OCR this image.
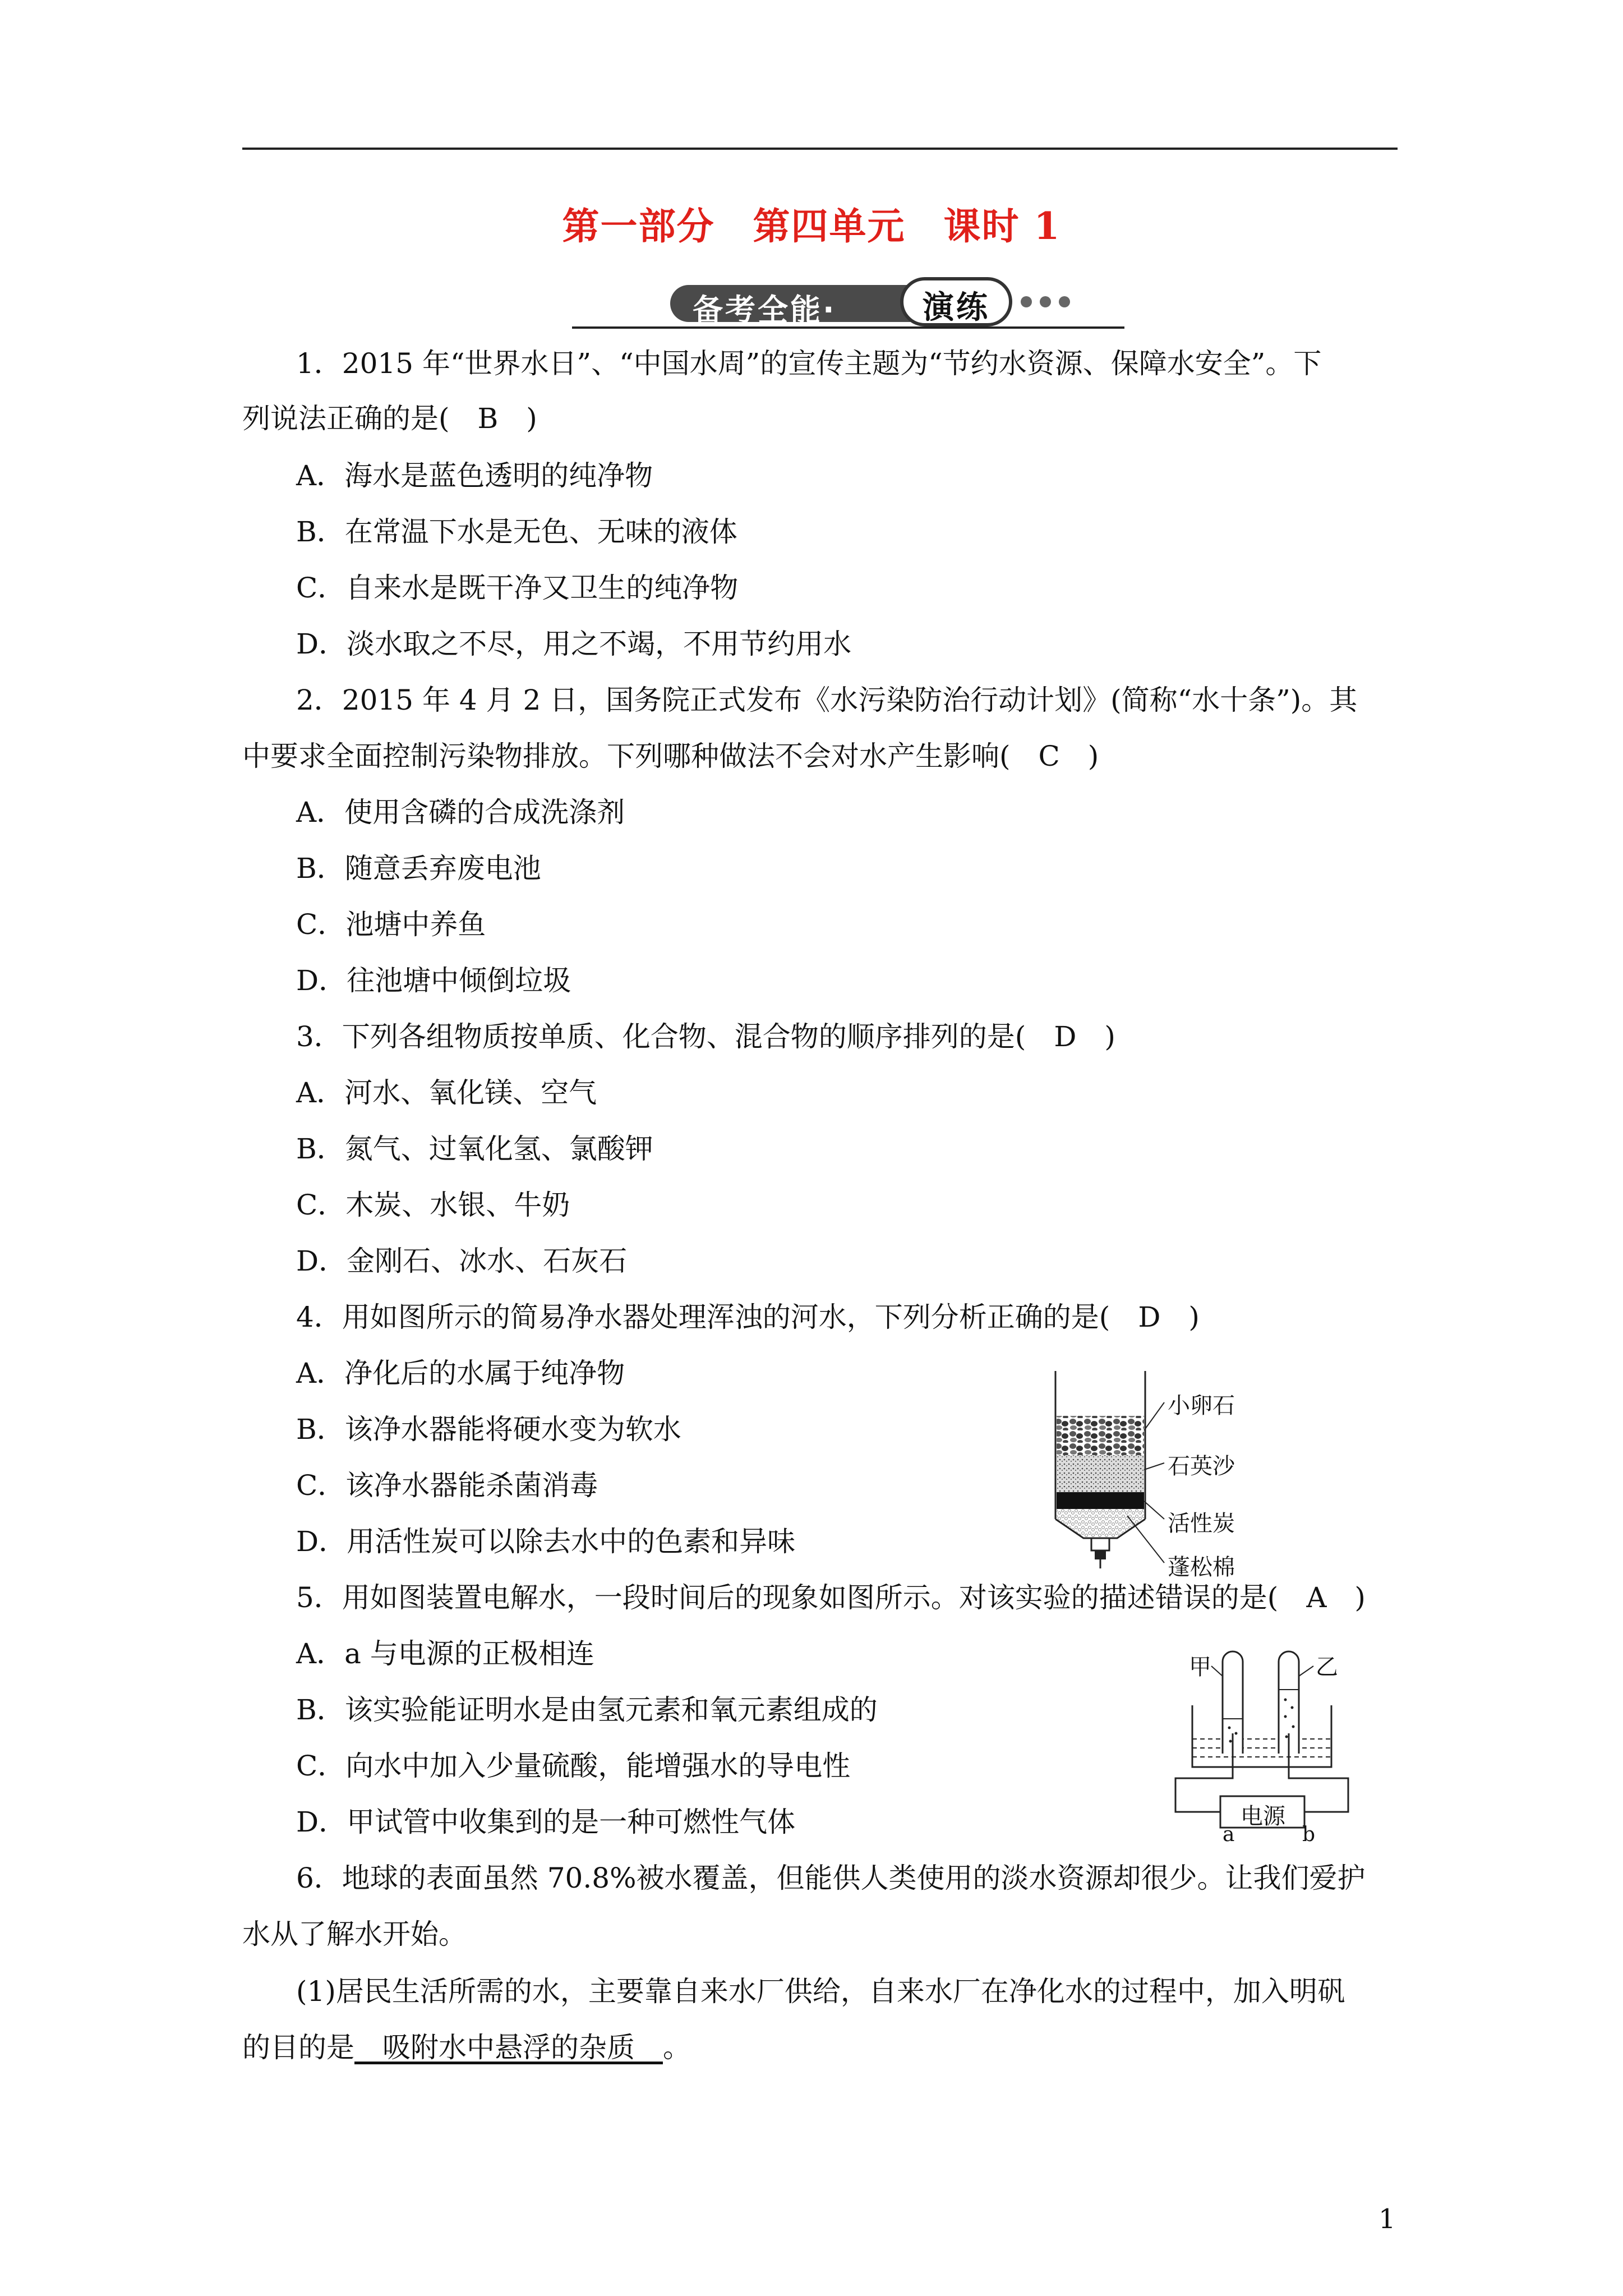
第一部分　第四单元　课时 1
备考全能·	演练
1．2015 年“世界水日”、“中国水周”的宣传主题为“节约水资源、保障水安全”。下
列说法正确的是(　B　)
A．海水是蓝色透明的纯净物
B．在常温下水是无色、无味的液体
C．自来水是既干净又卫生的纯净物
D．淡水取之不尽，用之不竭，不用节约用水
2．2015 年 4 月 2 日，国务院正式发布《水污染防治行动计划》(简称“水十条”)。其
中要求全面控制污染物排放。下列哪种做法不会对水产生影响(　C　)
A．使用含磷的合成洗涤剂
B．随意丢弃废电池
C．池塘中养鱼
D．往池塘中倾倒垃圾
3．下列各组物质按单质、化合物、混合物的顺序排列的是(　D　)
A．河水、氧化镁、空气
B．氮气、过氧化氢、氯酸钾
C．木炭、水银、牛奶
D．金刚石、冰水、石灰石
4．用如图所示的简易净水器处理浑浊的河水，下列分析正确的是(　D　)
A．净化后的水属于纯净物
B．该净水器能将硬水变为软水
C．该净水器能杀菌消毒
D．用活性炭可以除去水中的色素和异味
小卵石
石英沙
活性炭
蓬松棉
5．用如图装置电解水，一段时间后的现象如图所示。对该实验的描述错误的是(　A　)
A．a 与电源的正极相连
B．该实验能证明水是由氢元素和氧元素组成的
C．向水中加入少量硫酸，能增强水的导电性
D．甲试管中收集到的是一种可燃性气体
甲	乙
电源
a	b
6．地球的表面虽然 70.8%被水覆盖，但能供人类使用的淡水资源却很少。让我们爱护
水从了解水开始。
(1)居民生活所需的水，主要靠自来水厂供给，自来水厂在净化水的过程中，加入明矾
的目的是　吸附水中悬浮的杂质　。
1
